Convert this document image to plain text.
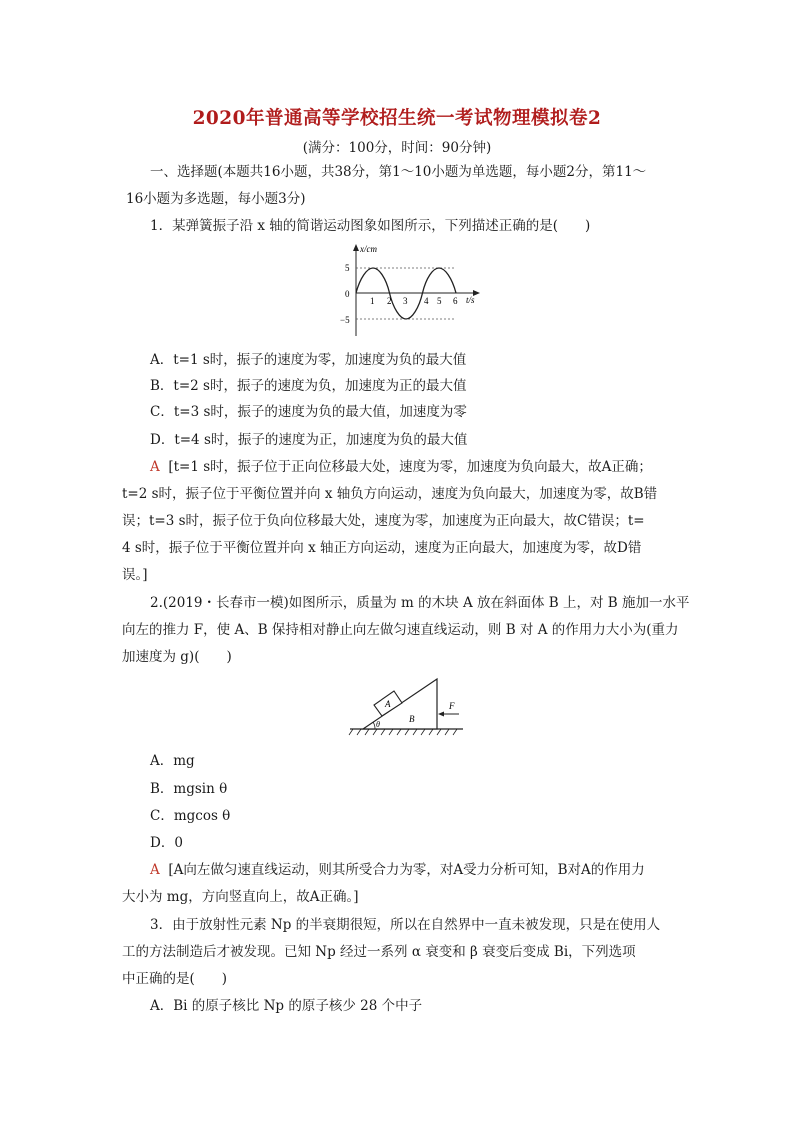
2020年普通高等学校招生统一考试物理模拟卷2
(满分：100分，时间：90分钟)
一、选择题(本题共16小题，共38分，第1～10小题为单选题，每小题2分，第11～
16小题为多选题，每小题3分)
1．某弹簧振子沿 x 轴的简谐运动图象如图所示，下列描述正确的是(　　)
x/cm
t/s
5
0
−5
1 2 3 4 5 6
A．t=1 s时，振子的速度为零，加速度为负的最大值
B．t=2 s时，振子的速度为负，加速度为正的最大值
C．t=3 s时，振子的速度为负的最大值，加速度为零
D．t=4 s时，振子的速度为正，加速度为负的最大值
A [t=1 s时，振子位于正向位移最大处，速度为零，加速度为负向最大，故A正确；
t=2 s时，振子位于平衡位置并向 x 轴负方向运动，速度为负向最大，加速度为零，故B错
误；t=3 s时，振子位于负向位移最大处，速度为零，加速度为正向最大，故C错误；t=
4 s时，振子位于平衡位置并向 x 轴正方向运动，速度为正向最大，加速度为零，故D错
误。]
2.(2019・长春市一模)如图所示，质量为 m 的木块 A 放在斜面体 B 上，对 B 施加一水平
向左的推力 F，使 A、B 保持相对静止向左做匀速直线运动，则 B 对 A 的作用力大小为(重力
加速度为 g)(　　)
A
B
F
θ
A．mg
B．mgsin θ
C．mgcos θ
D．0
A [A向左做匀速直线运动，则其所受合力为零，对A受力分析可知，B对A的作用力
大小为 mg，方向竖直向上，故A正确。]
3．由于放射性元素 Np 的半衰期很短，所以在自然界中一直未被发现，只是在使用人
工的方法制造后才被发现。已知 Np 经过一系列 α 衰变和 β 衰变后变成 Bi，下列选项
中正确的是(　　)
A．Bi 的原子核比 Np 的原子核少 28 个中子
